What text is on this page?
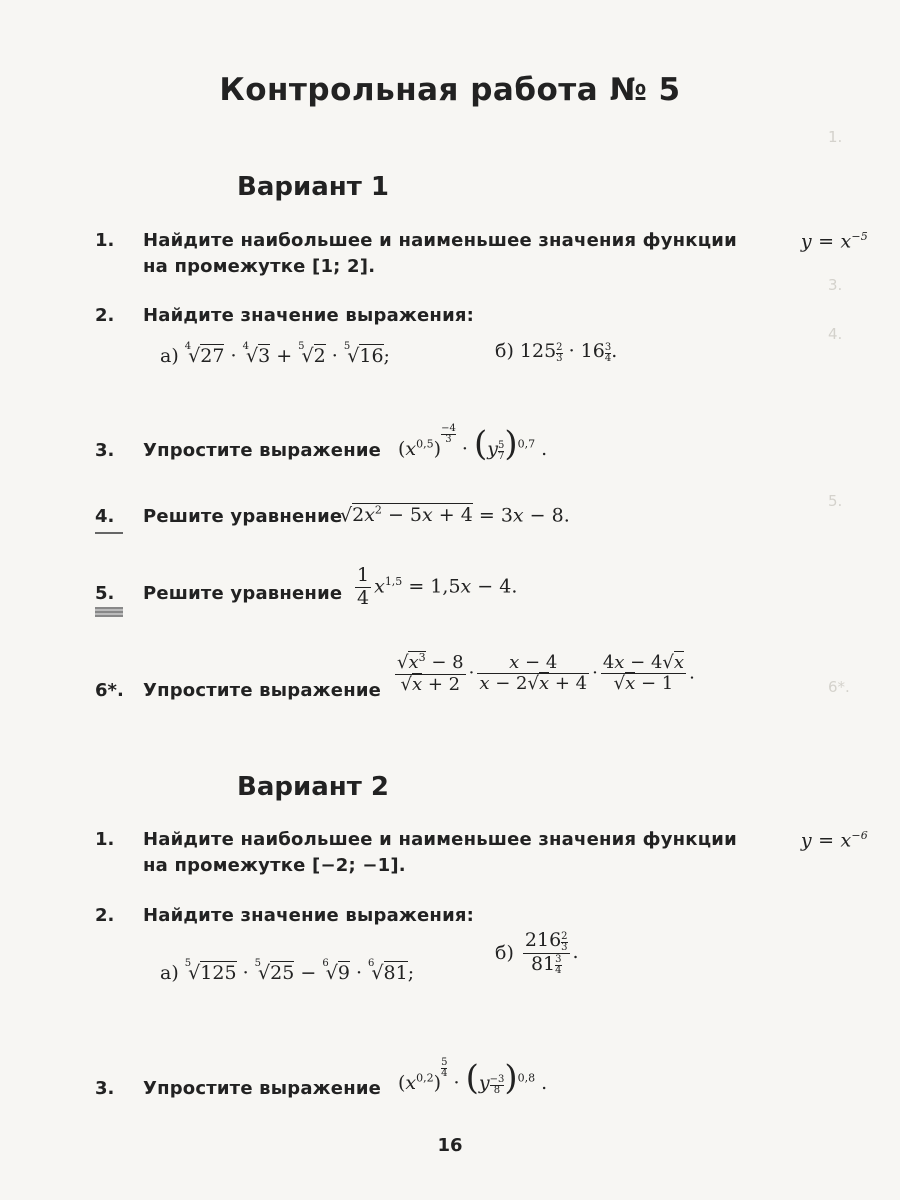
Контрольная работа № 5
Вариант 1
1. Найдите наибольшее и наименьшее значения функции	$y = x^{-5}$
на промежутке [1; 2].
2. Найдите значение выражения:
а) $^4$√27 · $^4$√3 + $^5$√2 · $^5$√16;	б) $125 \frac{2}{3} \cdot 16 \frac{3}{4}$ .
3. Упростите выражение $(x^{0,5})$
$\frac{-4}{3}$
· $(y \frac{5}{7} )^{0,7}$ .
4. Решите уравнение
$√2x^2 - 5x + 4 = 3x - 8$.
5. Решите уравнение $\frac{1}{4} x^{1,5} = 1,5x - 4$.
6*. Упростите выражение $\frac{√x^3 - 8}{√x + 2} \cdot \frac{x - 4}{x - 2√x + 4} \cdot \frac{4x - 4√x}{√x - 1}$ .
Вариант 2
1. Найдите наибольшее и наименьшее значения функции	$y = x^{-6}$
на промежутке [−2; −1].
2. Найдите значение выражения:
а) $^5$√125 · $^5$√25 − $^6$√9 · $^6$√81;
$б) \frac{216 \frac{2}{3}}{81 \frac{3}{4}}$ .
3. Упростите выражение $(x^{0,2})$
$\frac{5}{4}$
· $(y \frac{-3}{8} )^{0,8}$ .
1.
3.
4.
5.
6*.
16
